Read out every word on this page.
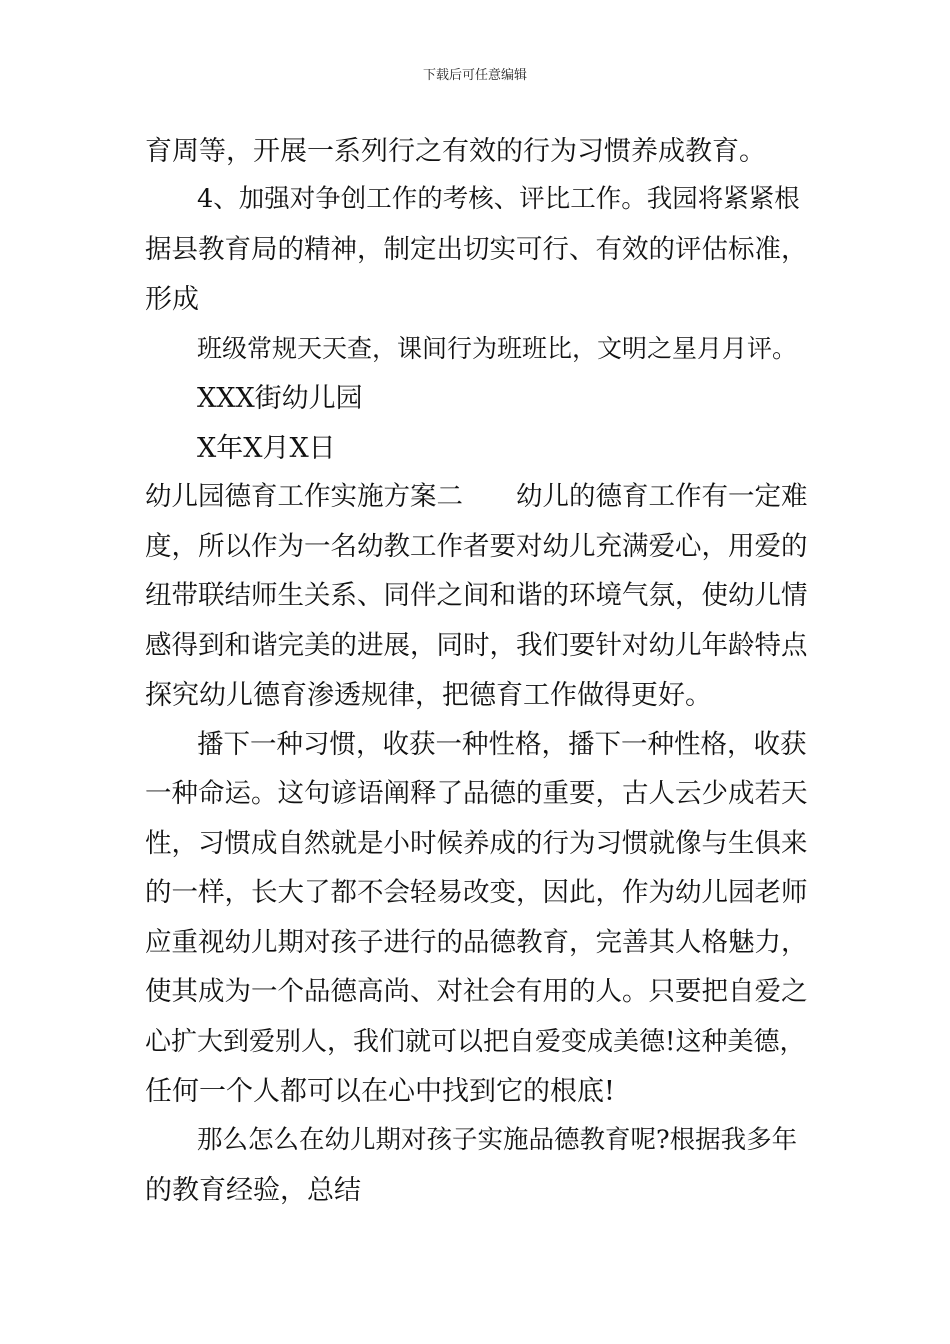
下载后可任意编辑
育周等，开展一系列行之有效的行为习惯养成教育。
4、加强对争创工作的考核、评比工作。我园将紧紧根
据县教育局的精神，制定出切实可行、有效的评估标准，
形成
班级常规天天查，课间行为班班比，文明之星月月评。
XXX街幼儿园
X年X月X日
幼儿园德育工作实施方案二　　幼儿的德育工作有一定难
度，所以作为一名幼教工作者要对幼儿充满爱心，用爱的
纽带联结师生关系、同伴之间和谐的环境气氛，使幼儿情
感得到和谐完美的进展，同时，我们要针对幼儿年龄特点
探究幼儿德育渗透规律，把德育工作做得更好。
播下一种习惯，收获一种性格，播下一种性格，收获
一种命运。这句谚语阐释了品德的重要，古人云少成若天
性，习惯成自然就是小时候养成的行为习惯就像与生俱来
的一样，长大了都不会轻易改变，因此，作为幼儿园老师
应重视幼儿期对孩子进行的品德教育，完善其人格魅力，
使其成为一个品德高尚、对社会有用的人。只要把自爱之
心扩大到爱别人，我们就可以把自爱变成美德!这种美德，
任何一个人都可以在心中找到它的根底!
那么怎么在幼儿期对孩子实施品德教育呢?根据我多年
的教育经验，总结
